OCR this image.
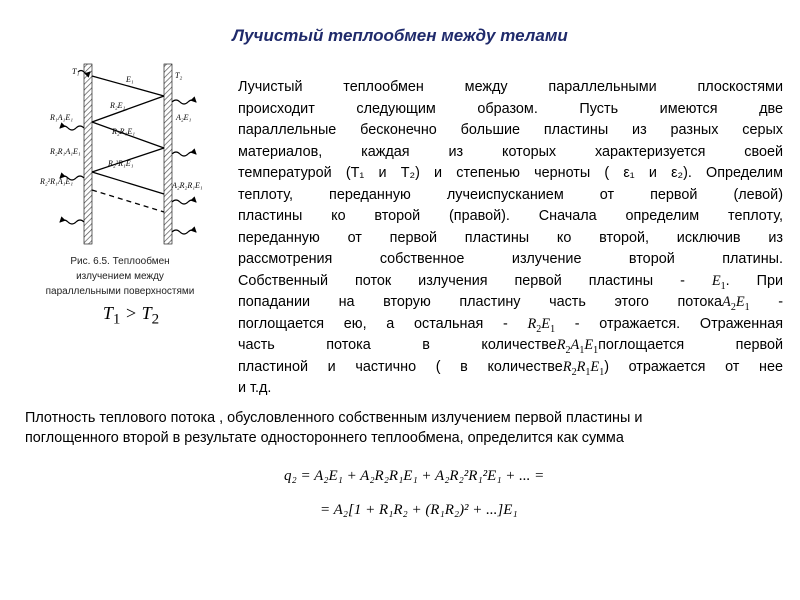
Лучистый теплообмен между телами
T₁	T₂
E₁
R₁A₁E₁
R₂E₁
A₂E₁
R₂R₁E₁
R₂R₁A₁E₁
R₂²R₁E₁
R₂²R₁A₁E₁	A₂R₂R₁E₁
Рис. 6.5. Теплообмен
излучением между
параллельными поверхностями
$T_1 > T_2$
Лучистый теплообмен между параллельными плоскостями
происходит следующим образом. Пусть имеются две
параллельные бесконечно большие пластины из разных серых
материалов, каждая из которых характеризуется своей
температурой (Т₁ и Т₂) и степенью черноты ( ε₁ и ε₂). Определим
теплоту, переданную лучеиспусканием от первой (левой)
пластины ко второй (правой). Сначала определим теплоту,
переданную от первой пластины ко второй, исключив из
рассмотрения собственное излучение второй платины.
Собственный поток излучения первой пластины - $E_1$. При
попадании на вторую пластину часть этого $потокаA_2E_1$ -
поглощается ею, а остальная - $R_2E_1$ - отражается. Отраженная
часть потока в $количествеR_2A_1E_1поглощается$ первой
пластиной и частично ( в $количествеR_2R_1E_1$) отражается от нее
и т.д.
Плотность теплового потока , обусловленного собственным излучением первой пластины и
поглощенного второй в результате одностороннего теплообмена, определится как сумма
q₂ = A₂E₁ + A₂R₂R₁E₁ + A₂R₂²R₁²E₁ + ... =
= A₂[1 + R₁R₂ + (R₁R₂)² + ...]E₁
